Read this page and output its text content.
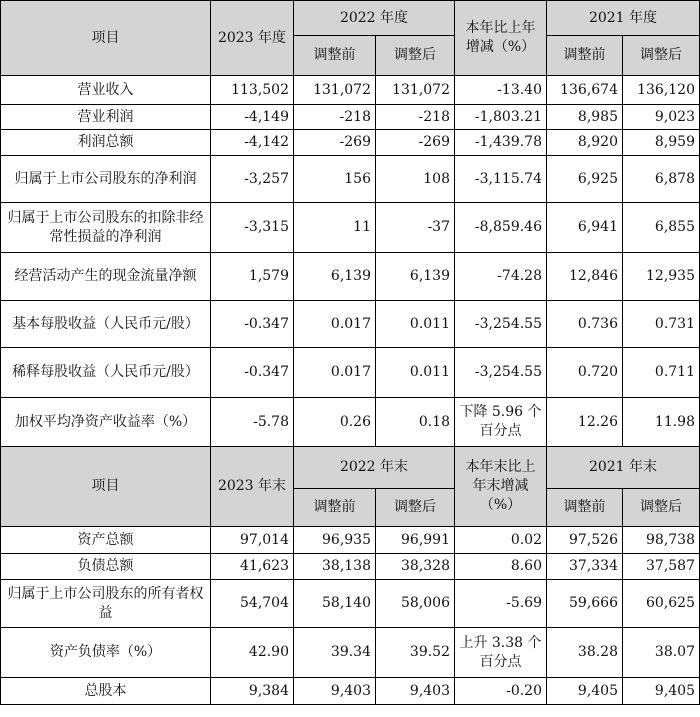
项目	2023 年度	2022 年度		本年比上年增减（%）	2021 年度	
		调整前	调整后		调整前	调整后
营业收入	113,502	131,072	131,072	-13.40	136,674	136,120
营业利润	-4,149	-218	-218	-1,803.21	8,985	9,023
利润总额	-4,142	-269	-269	-1,439.78	8,920	8,959
归属于上市公司股东的净利润	-3,257	156	108	-3,115.74	6,925	6,878
归属于上市公司股东的扣除非经常性损益的净利润	-3,315	11	-37	-8,859.46	6,941	6,855
经营活动产生的现金流量净额	1,579	6,139	6,139	-74.28	12,846	12,935
基本每股收益（人民币元/股）	-0.347	0.017	0.011	-3,254.55	0.736	0.731
稀释每股收益（人民币元/股）	-0.347	0.017	0.011	-3,254.55	0.720	0.711
加权平均净资产收益率（%）	-5.78	0.26	0.18	下降 5.96 个百分点	12.26	11.98
项目	2023 年末	2022 年末		本年末比上年末增减（%）	2021 年末	
		调整前	调整后		调整前	调整后
资产总额	97,014	96,935	96,991	0.02	97,526	98,738
负债总额	41,623	38,138	38,328	8.60	37,334	37,587
归属于上市公司股东的所有者权益	54,704	58,140	58,006	-5.69	59,666	60,625
资产负债率（%）	42.90	39.34	39.52	上升 3.38 个百分点	38.28	38.07
总股本	9,384	9,403	9,403	-0.20	9,405	9,405
